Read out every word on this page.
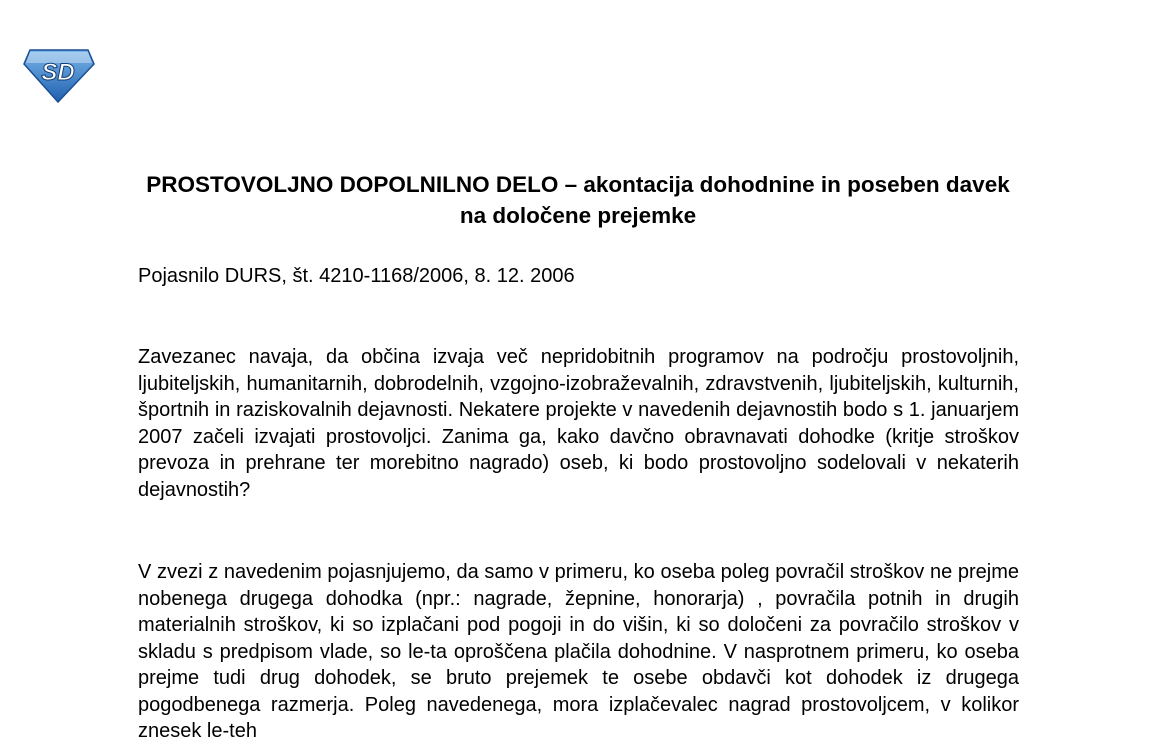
SD
PROSTOVOLJNO DOPOLNILNO DELO – akontacija dohodnine in poseben davek na določene prejemke

Pojasnilo DURS, št. 4210-1168/2006, 8. 12. 2006

Zavezanec navaja, da občina izvaja več nepridobitnih programov na področju prostovoljnih, ljubiteljskih, humanitarnih, dobrodelnih, vzgojno-izobraževalnih, zdravstvenih, ljubiteljskih, kulturnih, športnih in raziskovalnih dejavnosti. Nekatere projekte v navedenih dejavnostih bodo s 1. januarjem 2007 začeli izvajati prostovoljci. Zanima ga, kako davčno obravnavati dohodke (kritje stroškov prevoza in prehrane ter morebitno nagrado) oseb, ki bodo prostovoljno sodelovali v nekaterih dejavnostih?

V zvezi z navedenim pojasnjujemo, da samo v primeru, ko oseba poleg povračil stroškov ne prejme nobenega drugega dohodka (npr.: nagrade, žepnine, honorarja) , povračila potnih in drugih materialnih stroškov, ki so izplačani pod pogoji in do višin, ki so določeni za povračilo stroškov v skladu s predpisom vlade, so le-ta oproščena plačila dohodnine. V nasprotnem primeru, ko oseba prejme tudi drug dohodek, se bruto prejemek te osebe obdavči kot dohodek iz drugega pogodbenega razmerja. Poleg navedenega, mora izplačevalec nagrad prostovoljcem, v kolikor znesek le-teh
